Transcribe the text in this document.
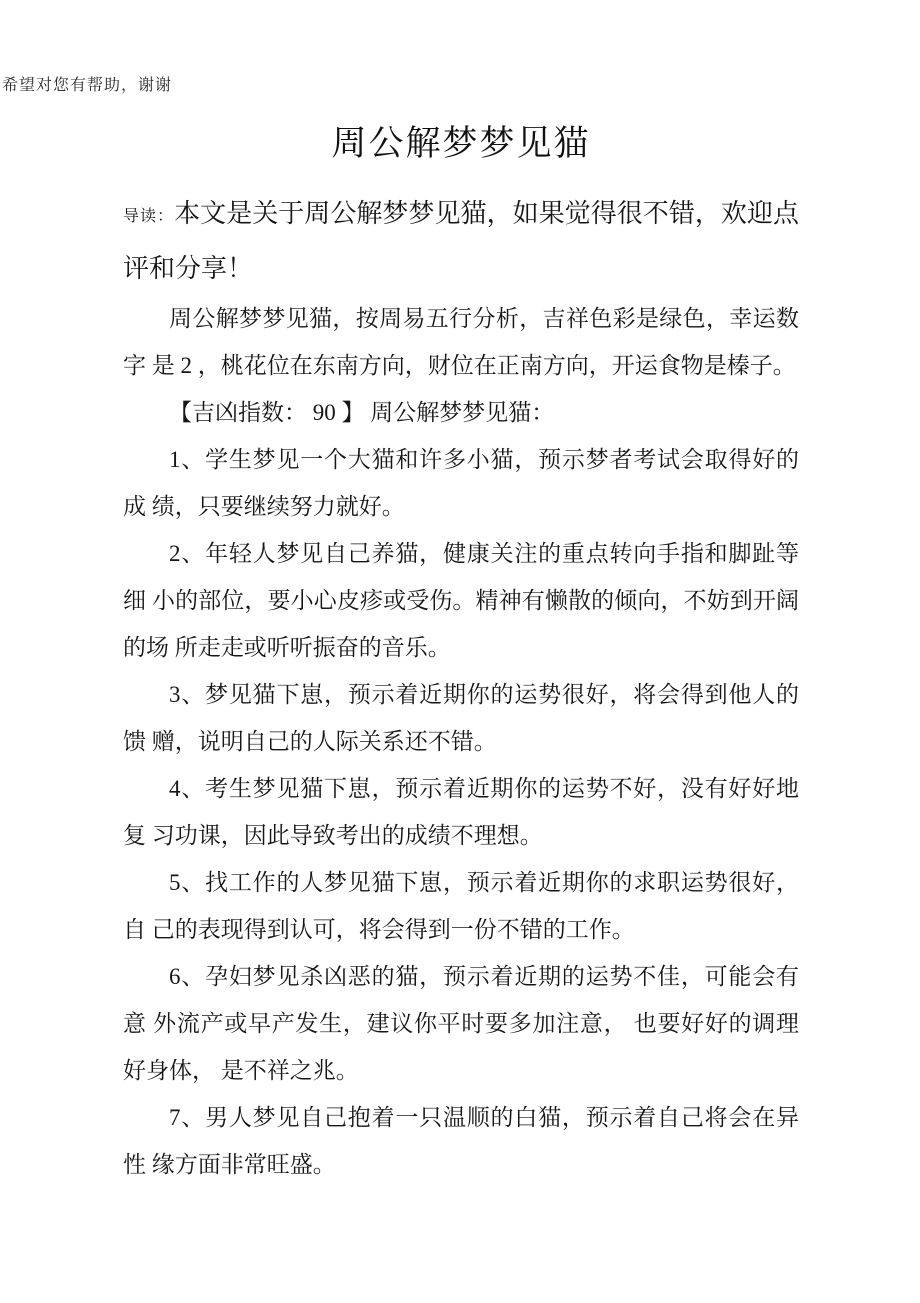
希望对您有帮助，谢谢
周公解梦梦见猫

导读：本文是关于周公解梦梦见猫，如果觉得很不错，欢迎点 评和分享！

周公解梦梦见猫，按周易五行分析，吉祥色彩是绿色，幸运数字 是 2 ，桃花位在东南方向，财位在正南方向，开运食物是榛子。

【吉凶指数： 90 】 周公解梦梦见猫：

1、学生梦见一个大猫和许多小猫，预示梦者考试会取得好的成 绩，只要继续努力就好。

2、年轻人梦见自己养猫，健康关注的重点转向手指和脚趾等细 小的部位，要小心皮疹或受伤。精神有懒散的倾向，不妨到开阔的场 所走走或听听振奋的音乐。

3、梦见猫下崽，预示着近期你的运势很好，将会得到他人的馈 赠，说明自己的人际关系还不错。

4、考生梦见猫下崽，预示着近期你的运势不好，没有好好地复 习功课，因此导致考出的成绩不理想。

5、找工作的人梦见猫下崽，预示着近期你的求职运势很好，自 己的表现得到认可，将会得到一份不错的工作。

6、孕妇梦见杀凶恶的猫，预示着近期的运势不佳，可能会有意 外流产或早产发生，建议你平时要多加注意， 也要好好的调理好身体， 是不祥之兆。

7、男人梦见自己抱着一只温顺的白猫，预示着自己将会在异性 缘方面非常旺盛。
